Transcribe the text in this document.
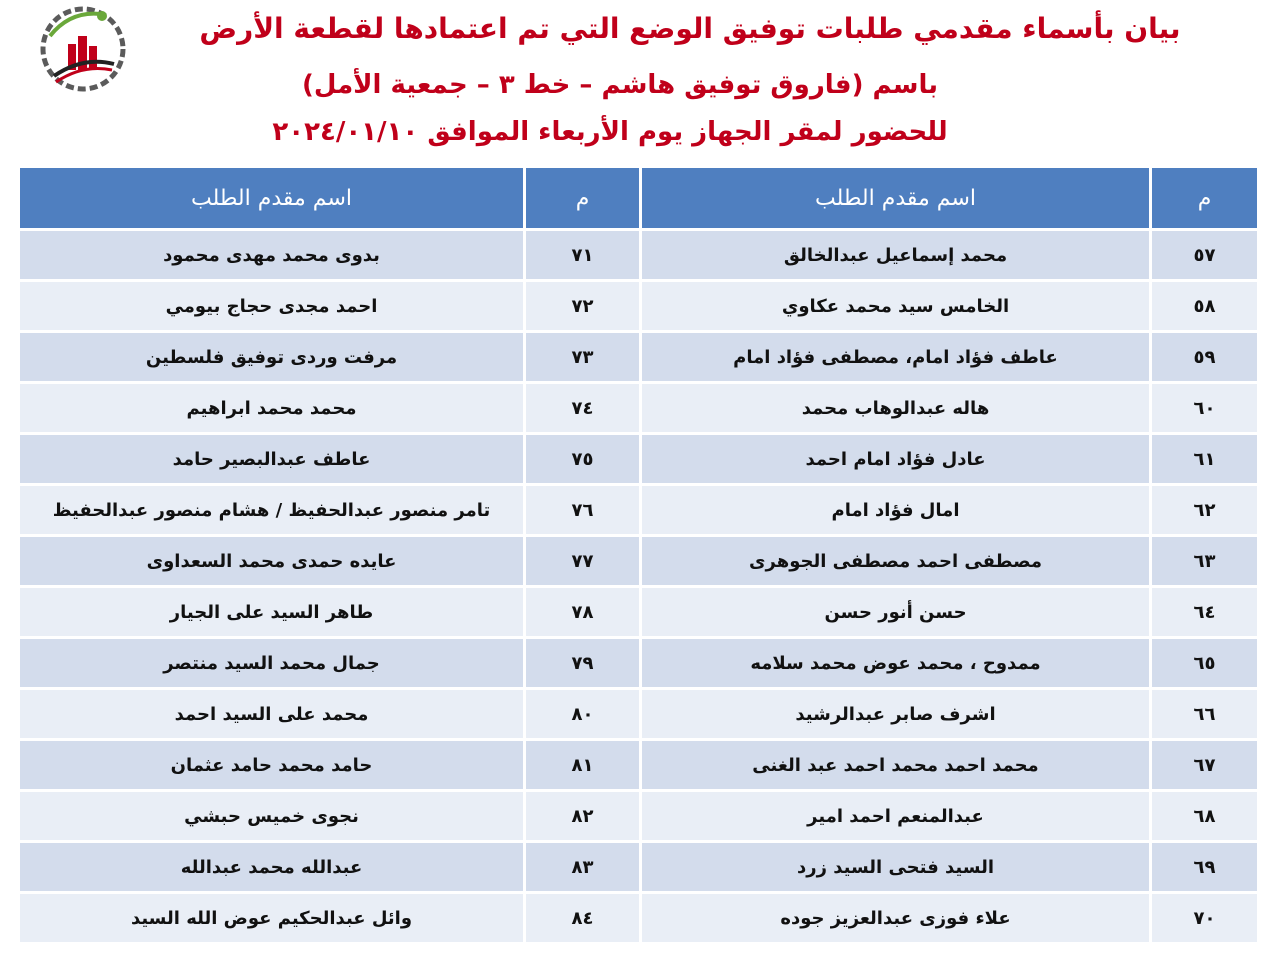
بيان بأسماء مقدمي طلبات توفيق الوضع التي تم اعتمادها لقطعة الأرض
باسم (فاروق توفيق هاشم – خط ٣ – جمعية الأمل)
للحضور لمقر الجهاز يوم الأربعاء الموافق ٢٠٢٤/٠١/١٠
اسم مقدم الطلب	م	اسم مقدم الطلب	م
بدوى محمد مهدى محمود	٧١	محمد إسماعيل عبدالخالق	٥٧
احمد مجدى حجاج بيومي	٧٢	الخامس سيد محمد عكاوي	٥٨
مرفت وردى توفيق فلسطين	٧٣	عاطف فؤاد امام، مصطفى فؤاد امام	٥٩
محمد محمد ابراهيم	٧٤	هاله عبدالوهاب محمد	٦٠
عاطف عبدالبصير حامد	٧٥	عادل فؤاد امام احمد	٦١
تامر منصور عبدالحفيظ / هشام منصور عبدالحفيظ	٧٦	امال فؤاد امام	٦٢
عايده حمدى محمد السعداوى	٧٧	مصطفى احمد مصطفى الجوهرى	٦٣
طاهر السيد على الجيار	٧٨	حسن أنور حسن	٦٤
جمال محمد السيد منتصر	٧٩	ممدوح ، محمد عوض محمد سلامه	٦٥
محمد على السيد احمد	٨٠	اشرف صابر عبدالرشيد	٦٦
حامد محمد حامد عثمان	٨١	محمد احمد محمد احمد عبد الغنى	٦٧
نجوى خميس حبشي	٨٢	عبدالمنعم احمد امير	٦٨
عبدالله محمد عبدالله	٨٣	السيد فتحى السيد زرد	٦٩
وائل عبدالحكيم عوض الله السيد	٨٤	علاء فوزى عبدالعزيز جوده	٧٠
